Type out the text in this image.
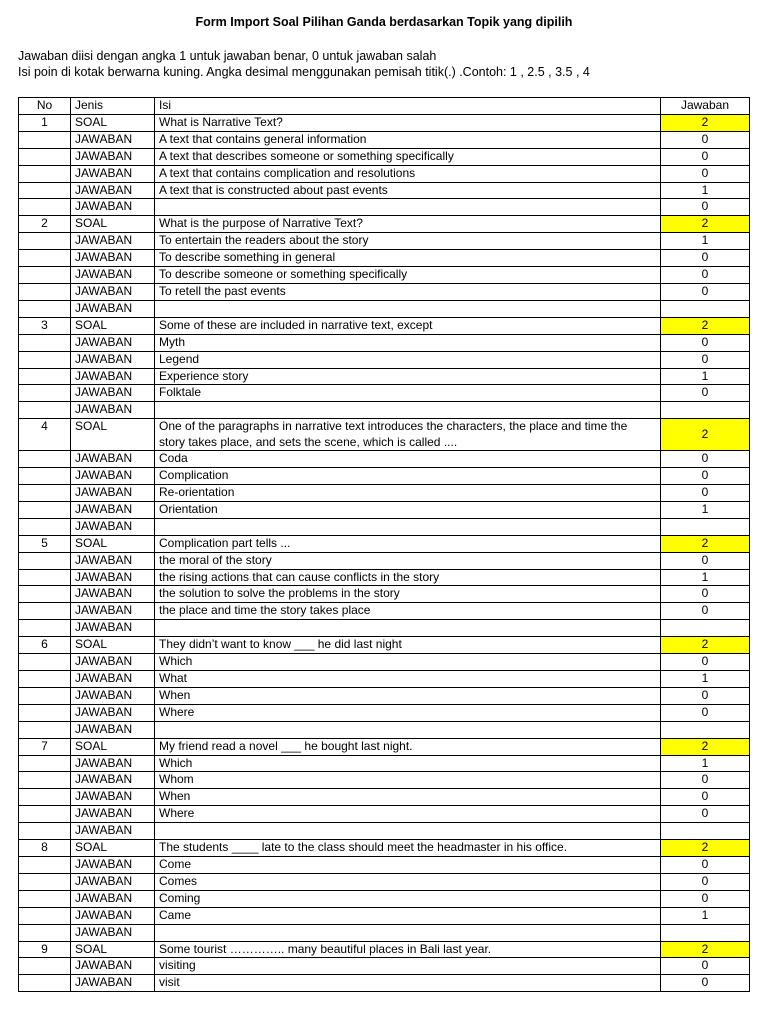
Form Import Soal Pilihan Ganda berdasarkan Topik yang dipilih
Jawaban diisi dengan angka 1 untuk jawaban benar, 0 untuk jawaban salah
Isi poin di kotak berwarna kuning. Angka desimal menggunakan pemisah titik(.) .Contoh: 1 , 2.5 , 3.5 , 4
No	Jenis	Isi	Jawaban
1	SOAL	What is Narrative Text?	2
	JAWABAN	A text that contains general information	0
	JAWABAN	A text that describes someone or something specifically	0
	JAWABAN	A text that contains complication and resolutions	0
	JAWABAN	A text that is constructed about past events	1
	JAWABAN		0
2	SOAL	What is the purpose of Narrative Text?	2
	JAWABAN	To entertain the readers about the story	1
	JAWABAN	To describe something in general	0
	JAWABAN	To describe someone or something specifically	0
	JAWABAN	To retell the past events	0
	JAWABAN		
3	SOAL	Some of these are included in narrative text, except	2
	JAWABAN	Myth	0
	JAWABAN	Legend	0
	JAWABAN	Experience story	1
	JAWABAN	Folktale	0
	JAWABAN		
4	SOAL	One of the paragraphs in narrative text introduces the characters, the place and time the story takes place, and sets the scene, which is called ....	2
	JAWABAN	Coda	0
	JAWABAN	Complication	0
	JAWABAN	Re-orientation	0
	JAWABAN	Orientation	1
	JAWABAN		
5	SOAL	Complication part tells ...	2
	JAWABAN	the moral of the story	0
	JAWABAN	the rising actions that can cause conflicts in the story	1
	JAWABAN	the solution to solve the problems in the story	0
	JAWABAN	the place and time the story takes place	0
	JAWABAN		
6	SOAL	They didn’t want to know ___ he did last night	2
	JAWABAN	Which	0
	JAWABAN	What	1
	JAWABAN	When	0
	JAWABAN	Where	0
	JAWABAN		
7	SOAL	My friend read a novel ___ he bought last night.	2
	JAWABAN	Which	1
	JAWABAN	Whom	0
	JAWABAN	When	0
	JAWABAN	Where	0
	JAWABAN		
8	SOAL	The students ____ late to the class should meet the headmaster in his office.	2
	JAWABAN	Come	0
	JAWABAN	Comes	0
	JAWABAN	Coming	0
	JAWABAN	Came	1
	JAWABAN		
9	SOAL	Some tourist ………….. many beautiful places in Bali last year.	2
	JAWABAN	visiting	0
	JAWABAN	visit	0
